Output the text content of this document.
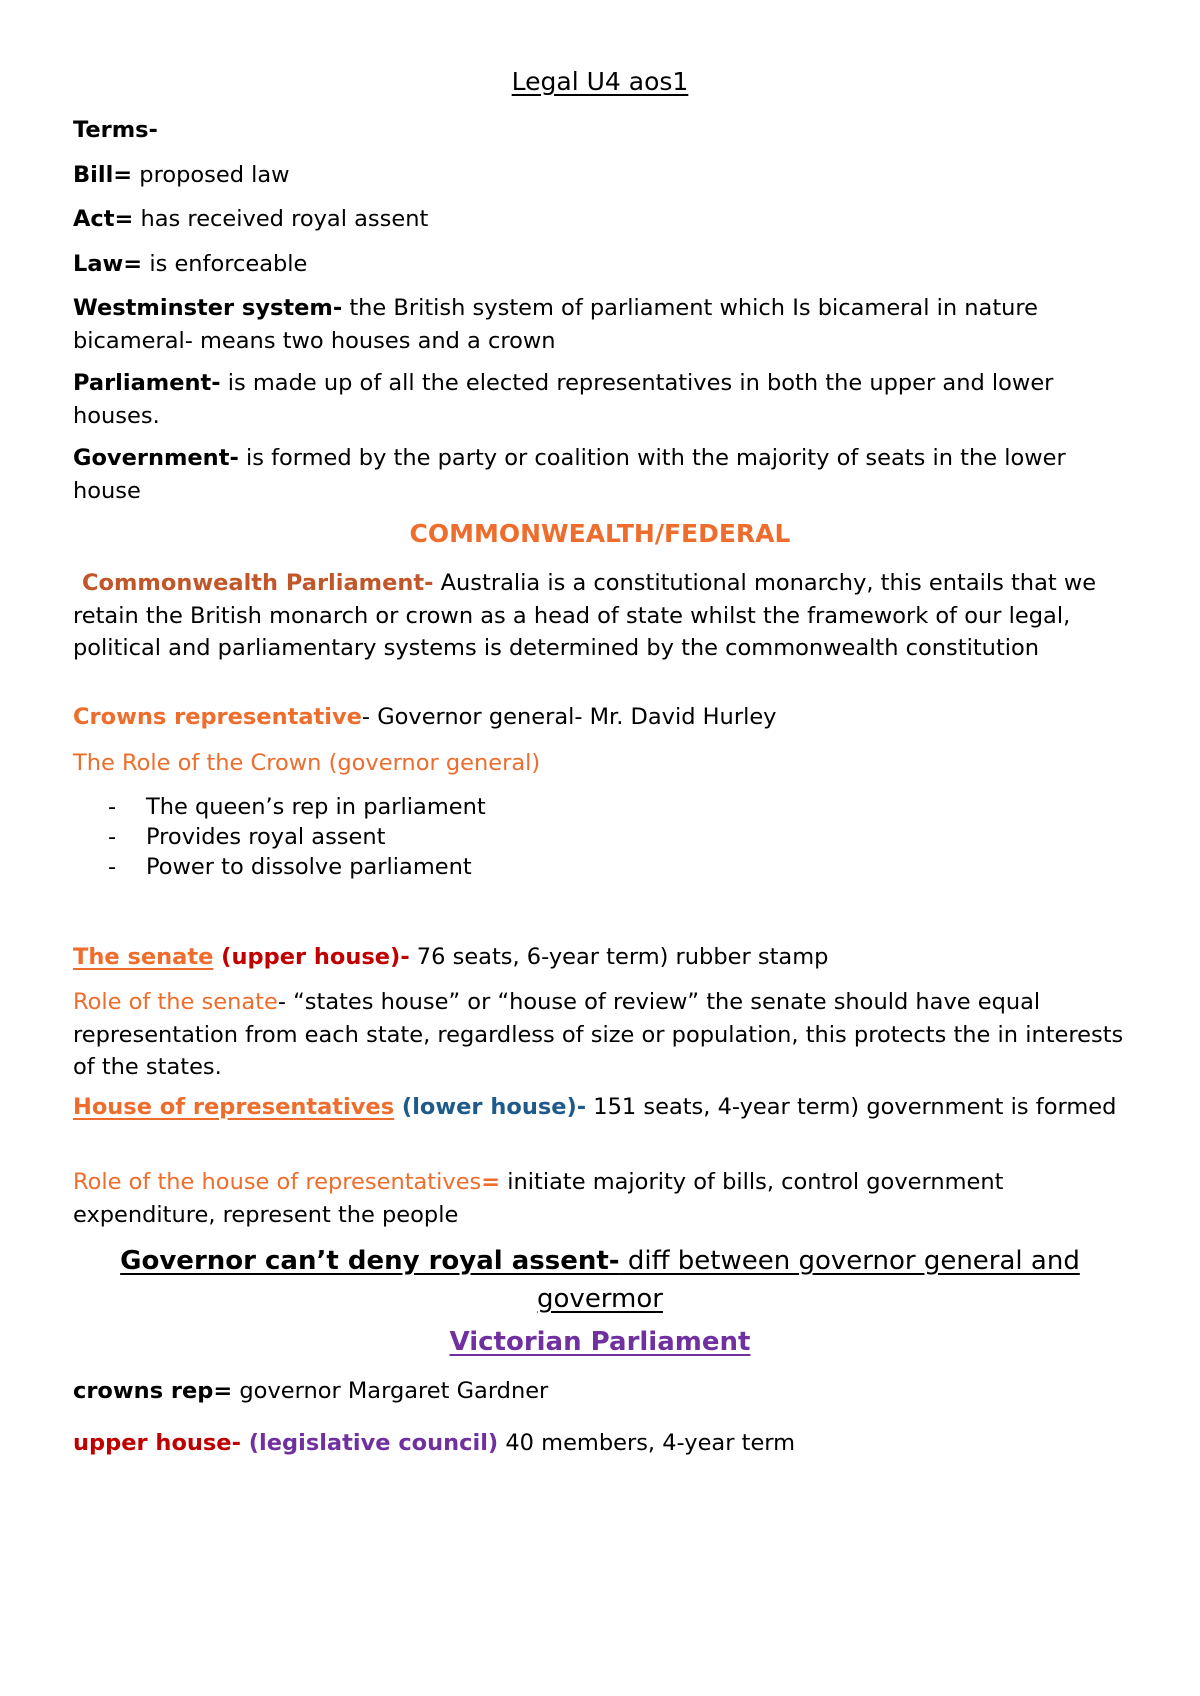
Legal U4 aos1

Terms-

Bill= proposed law

Act= has received royal assent

Law= is enforceable

Westminster system- the British system of parliament which Is bicameral in nature bicameral- means two houses and a crown

Parliament- is made up of all the elected representatives in both the upper and lower houses.

Government- is formed by the party or coalition with the majority of seats in the lower house

COMMONWEALTH/FEDERAL

Commonwealth Parliament- Australia is a constitutional monarchy, this entails that we retain the British monarch or crown as a head of state whilst the framework of our legal, political and parliamentary systems is determined by the commonwealth constitution

Crowns representative- Governor general- Mr. David Hurley

The Role of the Crown (governor general)

- The queen’s rep in parliament
- Provides royal assent
- Power to dissolve parliament

The senate (upper house)- 76 seats, 6-year term) rubber stamp

Role of the senate- “states house” or “house of review” the senate should have equal representation from each state, regardless of size or population, this protects the in interests of the states.

House of representatives (lower house)- 151 seats, 4-year term) government is formed

Role of the house of representatives= initiate majority of bills, control government expenditure, represent the people

Governor can’t deny royal assent- diff between governor general and govermor

Victorian Parliament

crowns rep= governor Margaret Gardner

upper house- (legislative council) 40 members, 4-year term
